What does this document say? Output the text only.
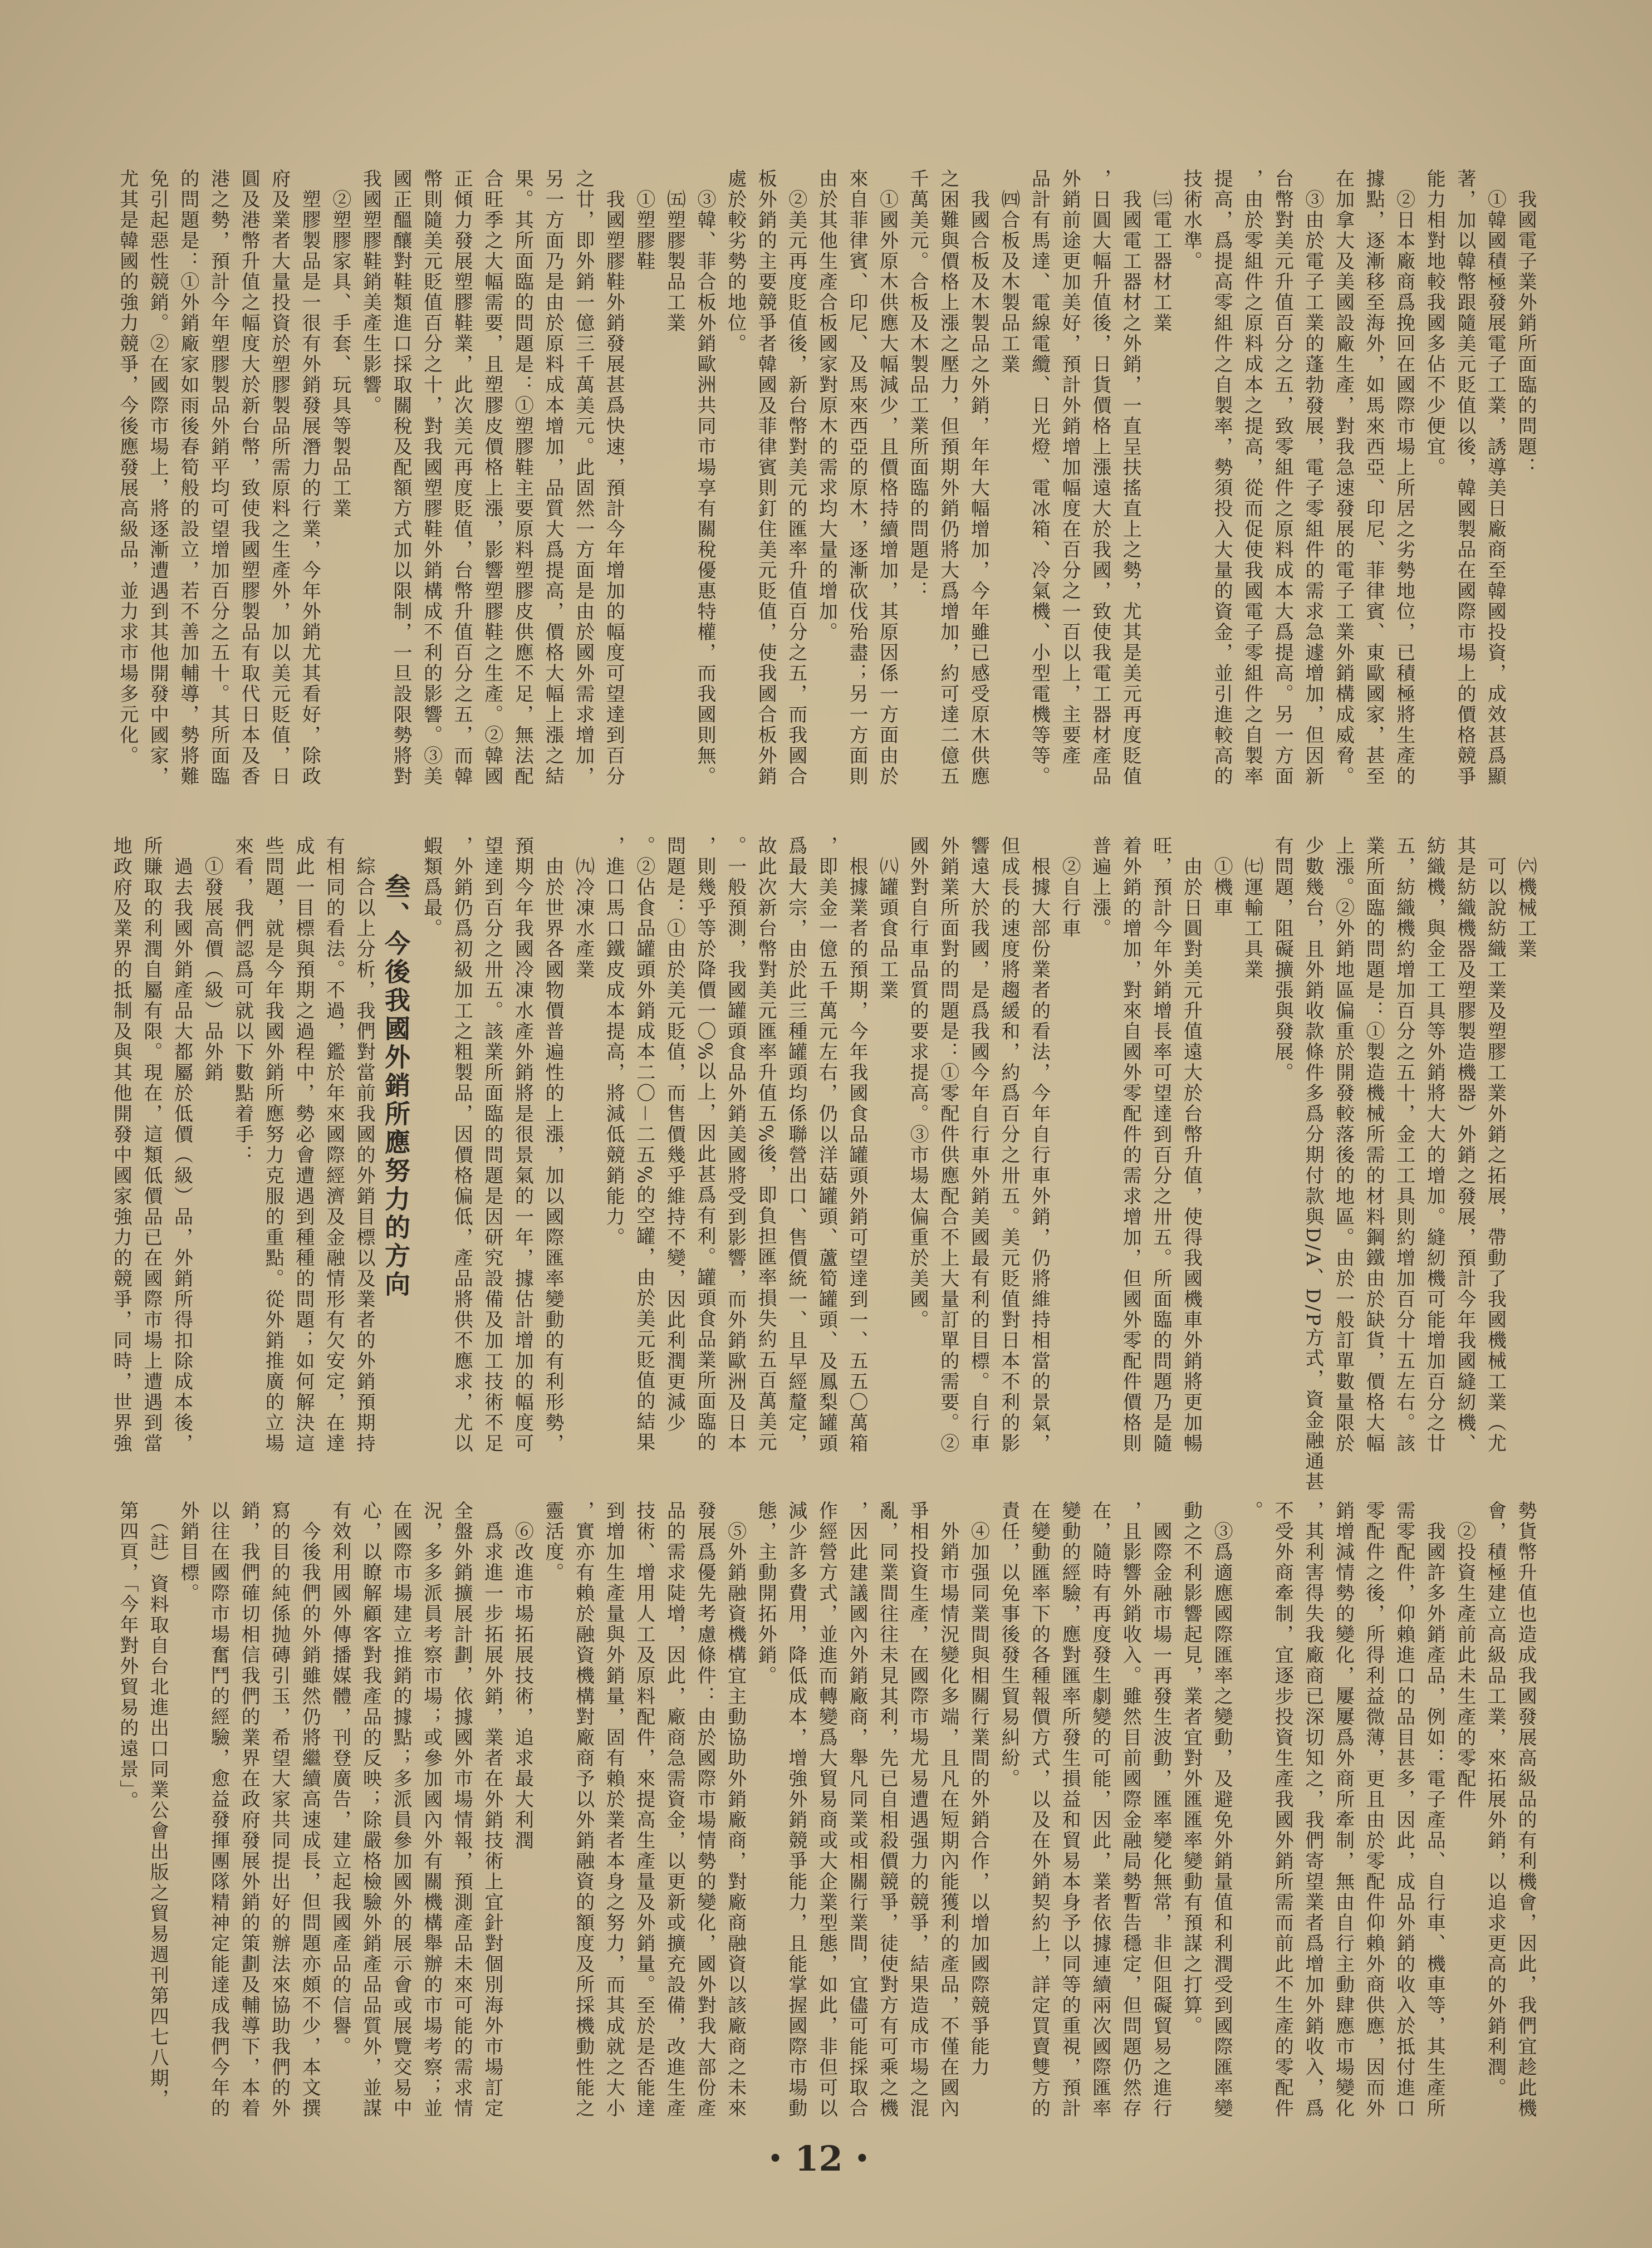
　我國電子業外銷所面臨的問題：
　①韓國積極發展電子工業，誘導美日廠商至韓國投資，成效甚爲顯
著，加以韓幣跟隨美元貶值以後，韓國製品在國際市場上的價格競爭
能力相對地較我國多佔不少便宜。
　②日本廠商爲挽回在國際市場上所居之劣勢地位，已積極將生產的
據點，逐漸移至海外，如馬來西亞、印尼、菲律賓、東歐國家，甚至
在加拿大及美國設廠生產，對我急速發展的電子工業外銷構成威脅。
　③由於電子工業的蓬勃發展，電子零組件的需求急遽增加，但因新
台幣對美元升值百分之五，致零組件之原料成本大爲提高。另一方面
，由於零組件之原料成本之提高，從而促使我國電子零組件之自製率
提高，爲提高零組件之自製率，勢須投入大量的資金，並引進較高的
技術水準。
　㈢電工器材工業
　我國電工器材之外銷，一直呈扶搖直上之勢，尤其是美元再度貶值
，日圓大幅升值後，日貨價格上漲遠大於我國，致使我電工器材產品
外銷前途更加美好，預計外銷增加幅度在百分之一百以上，主要產
品計有馬達、電線電纜、日光燈、電冰箱、冷氣機、小型電機等等。
　㈣合板及木製品工業
　我國合板及木製品之外銷，年年大幅增加，今年雖已感受原木供應
之困難與價格上漲之壓力，但預期外銷仍將大爲增加，約可達二億五
千萬美元。合板及木製品工業所面臨的問題是：
　①國外原木供應大幅減少，且價格持續增加，其原因係一方面由於
來自菲律賓、印尼、及馬來西亞的原木，逐漸砍伐殆盡；另一方面則
由於其他生產合板國家對原木的需求均大量的增加。
　②美元再度貶值後，新台幣對美元的匯率升值百分之五，而我國合
板外銷的主要競爭者韓國及菲律賓則釘住美元貶值，使我國合板外銷
處於較劣勢的地位。
　③韓、菲合板外銷歐洲共同市場享有關稅優惠特權，而我國則無。
　㈤塑膠製品工業
　①塑膠鞋
　我國塑膠鞋外銷發展甚爲快速，預計今年增加的幅度可望達到百分
之廿，即外銷一億三千萬美元。此固然一方面是由於國外需求增加，
另一方面乃是由於原料成本增加，品質大爲提高，價格大幅上漲之結
果。其所面臨的問題是：①塑膠鞋主要原料塑膠皮供應不足，無法配
合旺季之大幅需要，且塑膠皮價格上漲，影響塑膠鞋之生產。②韓國
正傾力發展塑膠鞋業，此次美元再度貶值，台幣升值百分之五，而韓
幣則隨美元貶值百分之十，對我國塑膠鞋外銷構成不利的影響。③美
國正醞釀對鞋類進口採取關稅及配額方式加以限制，一旦設限勢將對
我國塑膠鞋銷美產生影響。
　②塑膠家具、手套、玩具等製品工業
　塑膠製品是一很有外銷發展潛力的行業，今年外銷尤其看好，除政
府及業者大量投資於塑膠製品所需原料之生產外，加以美元貶值，日
圓及港幣升值之幅度大於新台幣，致使我國塑膠製品有取代日本及香
港之勢，預計今年塑膠製品外銷平均可望增加百分之五十。其所面臨
的問題是：①外銷廠家如雨後春筍般的設立，若不善加輔導，勢將難
免引起惡性競銷。②在國際市場上，將逐漸遭遇到其他開發中國家，
尤其是韓國的強力競爭，今後應發展高級品，並力求市場多元化。
　㈥機械工業
　可以說紡織工業及塑膠工業外銷之拓展，帶動了我國機械工業（尤
其是紡織機器及塑膠製造機器）外銷之發展，預計今年我國縫紉機、
紡織機，與金工工具等外銷將大大的增加。縫紉機可能增加百分之廿
五，紡織機約增加百分之五十，金工工具則約增加百分十五左右。該
業所面臨的問題是：①製造機械所需的材料鋼鐵由於缺貨，價格大幅
上漲。②外銷地區偏重於開發較落後的地區。由於一般訂單數量限於
少數幾台，且外銷收款條件多爲分期付款與D/A、D/P方式，資金融通甚
有問題，阻礙擴張與發展。
　㈦運輸工具業
　①機車
　由於日圓對美元升值遠大於台幣升值，使得我國機車外銷將更加暢
旺，預計今年外銷增長率可望達到百分之卅五。所面臨的問題乃是隨
着外銷的增加，對來自國外零配件的需求增加，但國外零配件價格則
普遍上漲。
　②自行車
　根據大部份業者的看法，今年自行車外銷，仍將維持相當的景氣，
但成長的速度將趨緩和，約爲百分之卅五。美元貶值對日本不利的影
響遠大於我國，是爲我國今年自行車外銷美國最有利的目標。自行車
外銷業所面對的問題是：①零配件供應配合不上大量訂單的需要。②
國外對自行車品質的要求提高。③市場太偏重於美國。
　㈧罐頭食品工業
　根據業者的預期，今年我國食品罐頭外銷可望達到一、五五〇萬箱
，即美金一億五千萬元左右，仍以洋菇罐頭、蘆筍罐頭、及鳳梨罐頭
爲最大宗，由於此三種罐頭均係聯營出口、售價統一、且早經釐定，
故此次新台幣對美元匯率升值五%後，即負担匯率損失約五百萬美元
。一般預測，我國罐頭食品外銷美國將受到影響，而外銷歐洲及日本
，則幾乎等於降價一〇%以上，因此甚爲有利。罐頭食品業所面臨的
問題是：①由於美元貶值，而售價幾乎維持不變，因此利潤更減少
。②佔食品罐頭外銷成本二〇－二五%的空罐，由於美元貶值的結果
，進口馬口鐵皮成本提高，將減低競銷能力。
　㈨冷凍水產業
　由於世界各國物價普遍性的上漲，加以國際匯率變動的有利形勢，
預期今年我國冷凍水產外銷將是很景氣的一年，據估計增加的幅度可
望達到百分之卅五。該業所面臨的問題是因研究設備及加工技術不足
，外銷仍爲初級加工之粗製品，因價格偏低，產品將供不應求，尤以
蝦類爲最。
叁、今後我國外銷所應努力的方向
　綜合以上分析，我們對當前我國的外銷目標以及業者的外銷預期持
有相同的看法。不過，鑑於年來國際經濟及金融情形有欠安定，在達
成此一目標與預期之過程中，勢必會遭遇到種種的問題；如何解決這
些問題，就是今年我國外銷所應努力克服的重點。從外銷推廣的立場
來看，我們認爲可就以下數點着手：
　①發展高價（級）品外銷
　過去我國外銷產品大都屬於低價（級）品，外銷所得扣除成本後，
所賺取的利潤自屬有限。現在，這類低價品已在國際市場上遭遇到當
地政府及業界的抵制及與其他開發中國家強力的競爭，同時，世界強
勢貨幣升值也造成我國發展高級品的有利機會，因此，我們宜趁此機
會，積極建立高級品工業，來拓展外銷，以追求更高的外銷利潤。
　②投資生產前此未生產的零配件
　我國許多外銷產品，例如：電子產品、自行車、機車等，其生產所
需零配件，仰賴進口的品目甚多，因此，成品外銷的收入於抵付進口
零配件之後，所得利益微薄，更且由於零配件仰賴外商供應，因而外
銷增減情勢的變化，屢屢爲外商所牽制，無由自行主動肆應市場變化
，其利害得失我廠商已深切知之，我們寄望業者爲增加外銷收入，爲
不受外商牽制，宜逐步投資生產我國外銷所需而前此不生產的零配件
。
　③爲適應國際匯率之變動，及避免外銷量值和利潤受到國際匯率變
動之不利影響起見，業者宜對外匯匯率變動有預謀之打算。
　國際金融市場一再發生波動，匯率變化無常，非但阻礙貿易之進行
，且影響外銷收入。雖然目前國際金融局勢暫告穩定，但問題仍然存
在，隨時有再度發生劇變的可能，因此，業者依據連續兩次國際匯率
變動的經驗，應對匯率所發生損益和貿易本身予以同等的重視，預計
在變動匯率下的各種報價方式，以及在外銷契約上，詳定買賣雙方的
責任，以免事後發生貿易糾紛。
　④加强同業間與相關行業間的外銷合作，以增加國際競爭能力
　外銷市場情況變化多端，且凡在短期內能獲利的產品，不僅在國內
爭相投資生產，在國際市場尤易遭遇强力的競爭，結果造成市場之混
亂，同業間往往未見其利，先已自相殺價競爭，徒使對方有可乘之機
，因此建議國內外銷廠商，舉凡同業或相關行業間，宜儘可能採取合
作經營方式，並進而轉變爲大貿易商或大企業型態，如此，非但可以
減少許多費用，降低成本，增強外銷競爭能力，且能掌握國際市場動
態，主動開拓外銷。
　⑤外銷融資機構宜主動協助外銷廠商，對廠商融資以該廠商之未來
發展爲優先考慮條件：由於國際市場情勢的變化，國外對我大部份產
品的需求陡增，因此，廠商急需資金，以更新或擴充設備，改進生產
技術、增用人工及原料配件，來提高生產量及外銷量。至於是否能達
到增加生產量與外銷量，固有賴於業者本身之努力，而其成就之大小
，實亦有賴於融資機構對廠商予以外銷融資的額度及所採機動性能之
靈活度。
　⑥改進市場拓展技術，追求最大利潤
　爲求進一步拓展外銷，業者在外銷技術上宜針對個別海外市場訂定
全盤外銷擴展計劃，依據國外市場情報，預測產品未來可能的需求情
況，多多派員考察市場；或參加國內外有關機構舉辦的市場考察；並
在國際市場建立推銷的據點；多派員參加國外的展示會或展覽交易中
心，以瞭解顧客對我產品的反映；除嚴格檢驗外銷產品品質外，並謀
有效利用國外傳播媒體，刊登廣告，建立起我國產品的信譽。
　今後我們的外銷雖然仍將繼續高速成長，但問題亦頗不少，本文撰
寫的目的純係抛磚引玉，希望大家共同提出好的辦法來協助我們的外
銷，我們確切相信我們的業界在政府發展外銷的策劃及輔導下，本着
以往在國際市場奮鬥的經驗，愈益發揮團隊精神定能達成我們今年的
外銷目標。
　（註）資料取自台北進出口同業公會出版之貿易週刊第四七八期，
第四頁，「今年對外貿易的遠景」。
• 12 •
